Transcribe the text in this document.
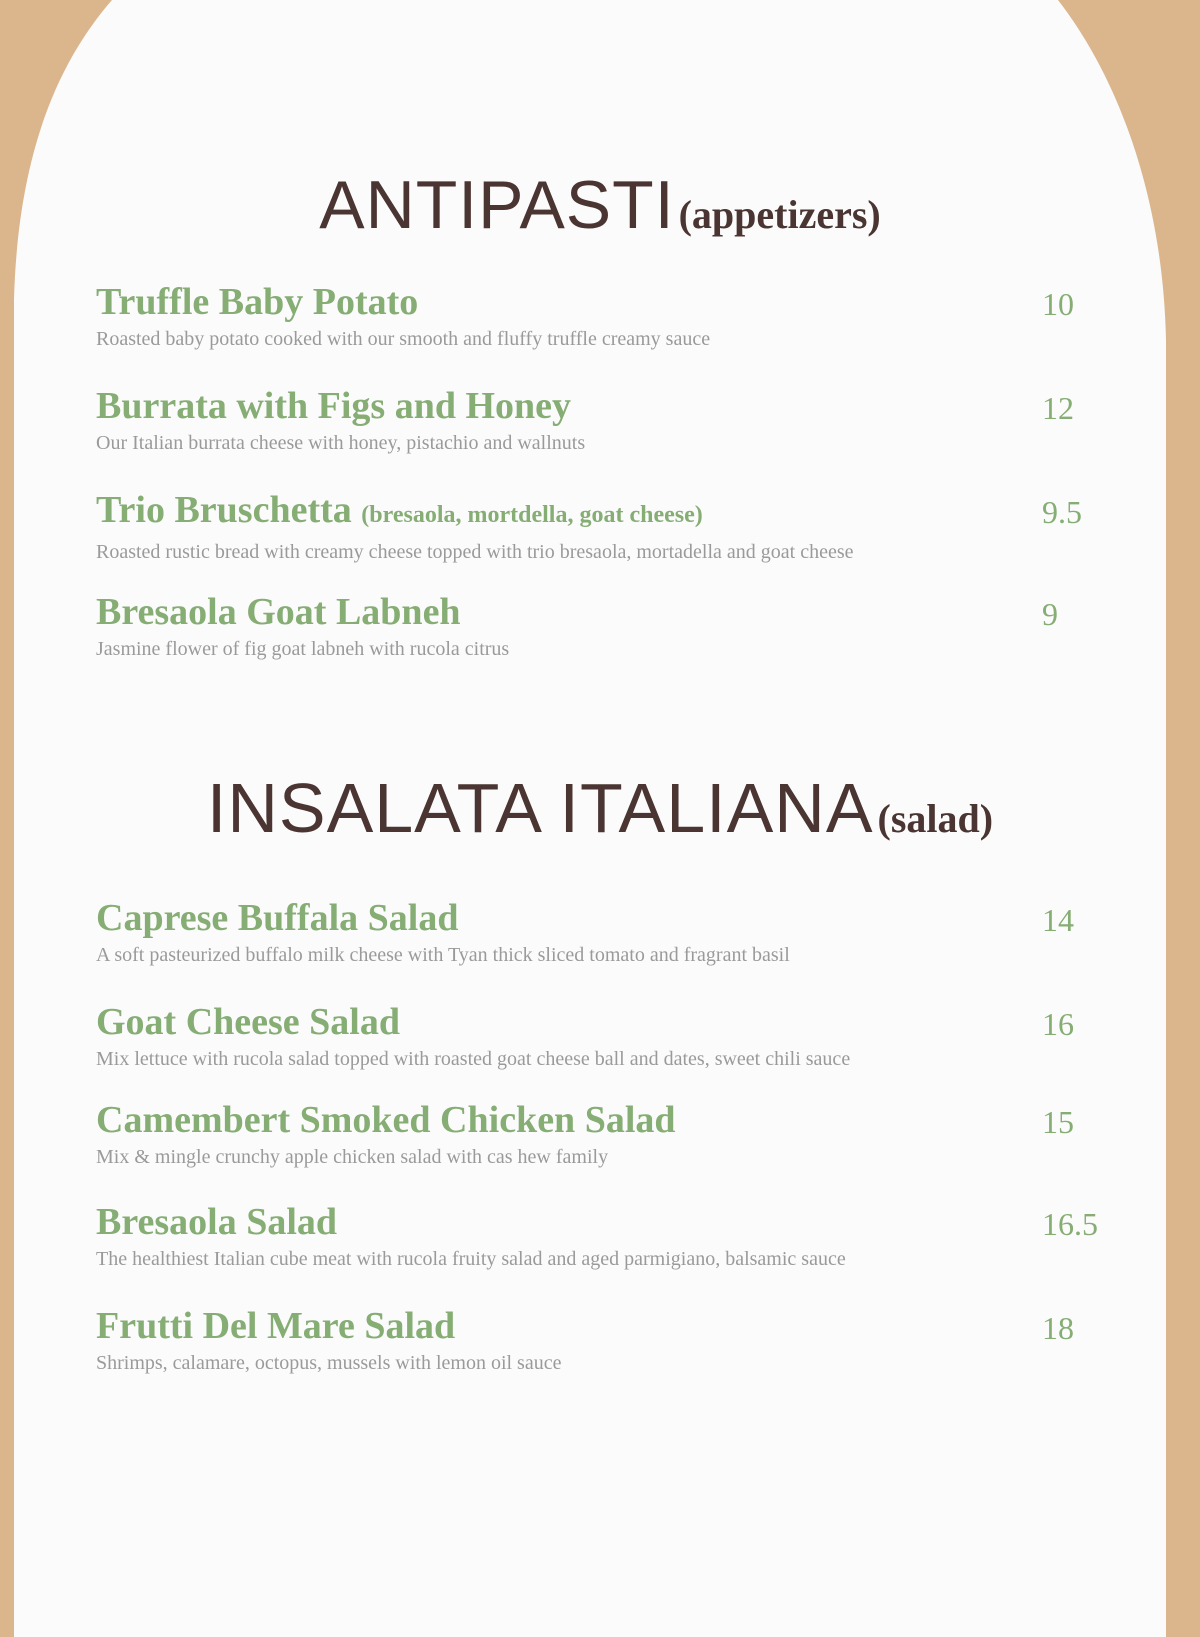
ANTIPASTI (appetizers)
Truffle Baby Potato
Roasted baby potato cooked with our smooth and fluffy truffle creamy sauce
10
Burrata with Figs and Honey
Our Italian burrata cheese with honey, pistachio and wallnuts
12
Trio Bruschetta (bresaola, mortdella, goat cheese)
Roasted rustic bread with creamy cheese topped with trio bresaola, mortadella and goat cheese
9.5
Bresaola Goat Labneh
Jasmine flower of fig goat labneh with rucola citrus
9
INSALATA ITALIANA (salad)
Caprese Buffala Salad
A soft pasteurized buffalo milk cheese with Tyan thick sliced tomato and fragrant basil
14
Goat Cheese Salad
Mix lettuce with rucola salad topped with roasted goat cheese ball and dates, sweet chili sauce
16
Camembert Smoked Chicken Salad
Mix & mingle crunchy apple chicken salad with cas hew family
15
Bresaola Salad
The healthiest Italian cube meat with rucola fruity salad and aged parmigiano, balsamic sauce
16.5
Frutti Del Mare Salad
Shrimps, calamare, octopus, mussels with lemon oil sauce
18
